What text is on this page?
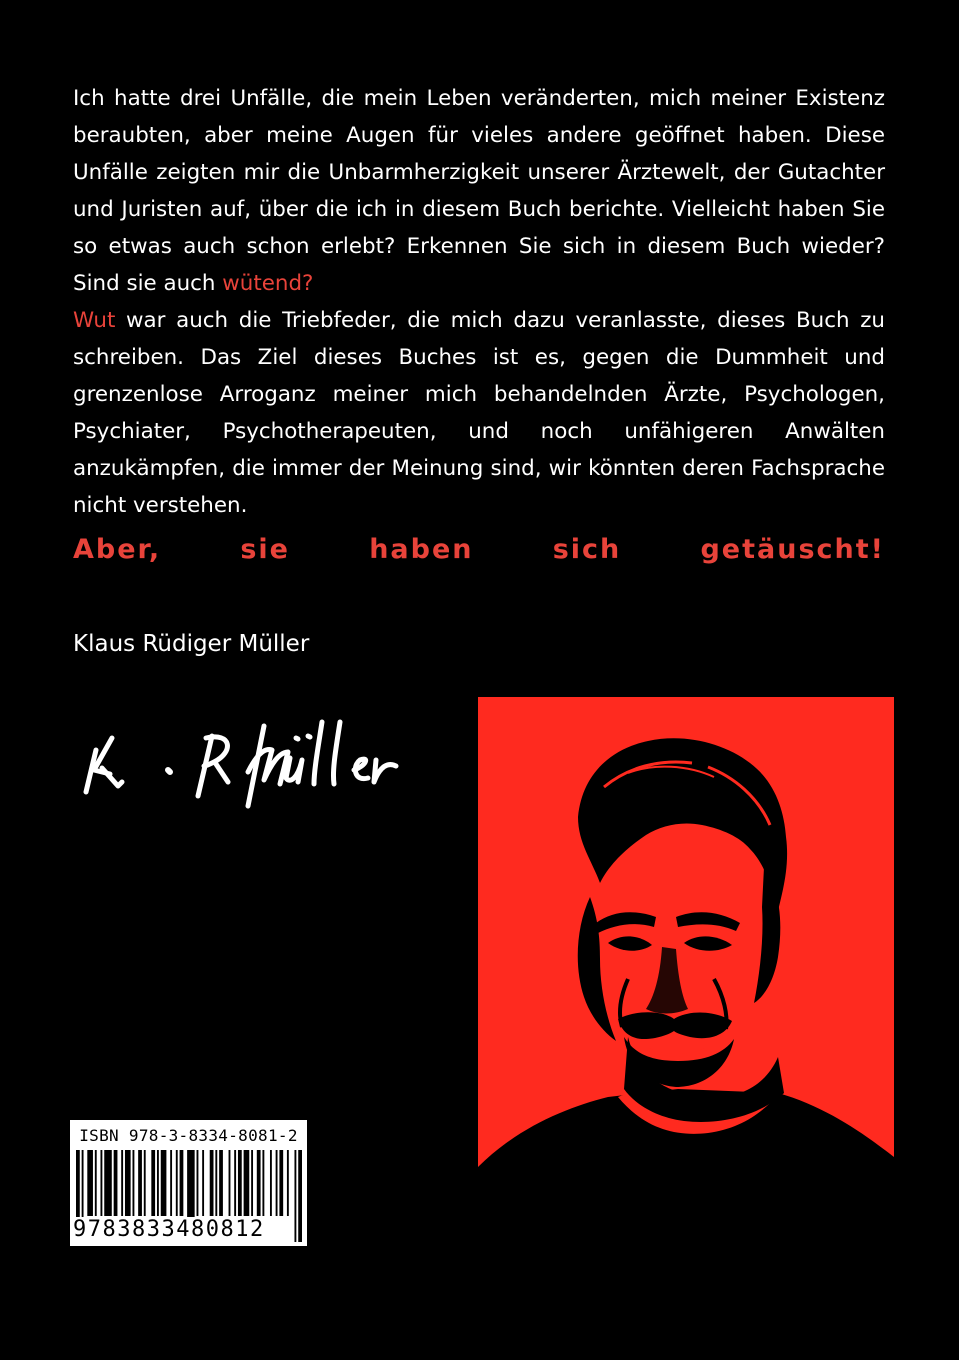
Ich hatte drei Unfälle, die mein Leben veränderten, mich meiner Existenz beraubten, aber meine Augen für vieles andere geöffnet haben. Diese Unfälle zeigten mir die Unbarmherzigkeit unserer Ärztewelt, der Gutachter und Juristen auf, über die ich in diesem Buch berichte. Vielleicht haben Sie so etwas auch schon erlebt? Erkennen Sie sich in diesem Buch wieder? Sind sie auch wütend?
Wut war auch die Triebfeder, die mich dazu veranlasste, dieses Buch zu schreiben. Das Ziel dieses Buches ist es, gegen die Dummheit und grenzenlose Arroganz meiner mich behandelnden Ärzte, Psychologen, Psychiater, Psychotherapeuten, und noch unfähigeren Anwälten anzukämpfen, die immer der Meinung sind, wir könnten deren Fachsprache nicht verstehen.

Aber, sie haben sich getäuscht!

Klaus Rüdiger Müller

ISBN 978-3-8334-8081-2
9783833480812
